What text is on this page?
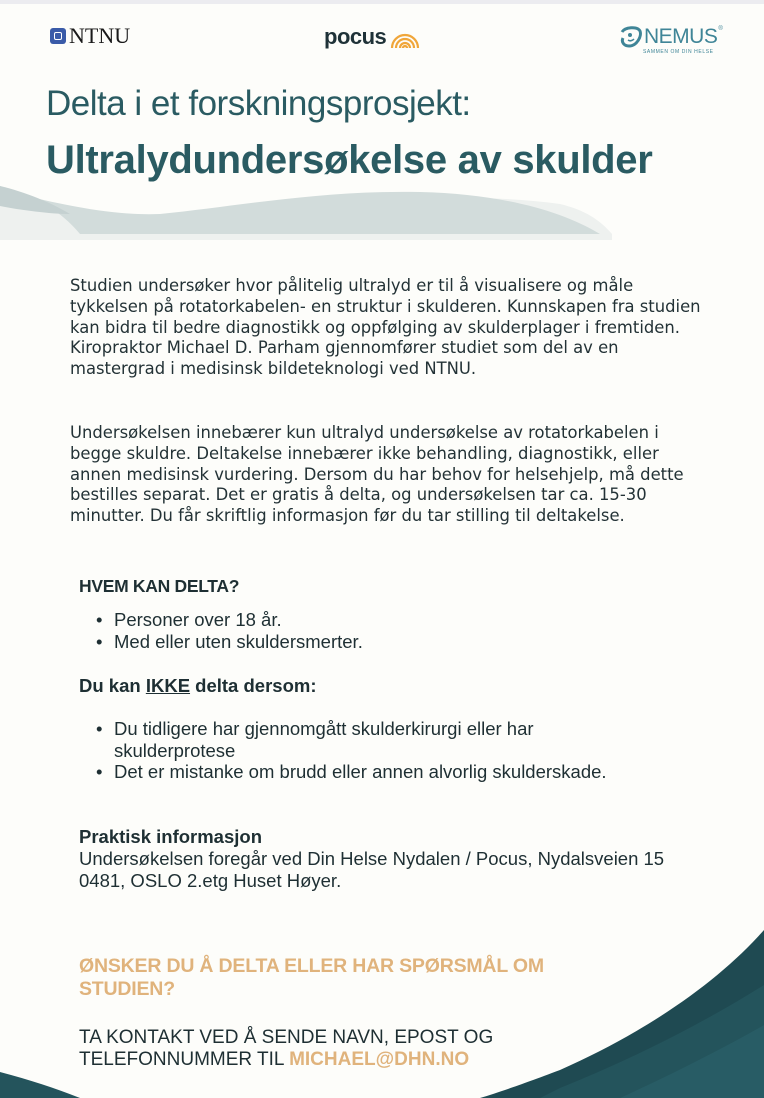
NTNU	pocus	NEMUS ®
SAMMEN OM DIN HELSE
Delta i et forskningsprosjekt:
Ultralydundersøkelse av skulder

Studien undersøker hvor pålitelig ultralyd er til å visualisere og måle tykkelsen på rotatorkabelen- en struktur i skulderen. Kunnskapen fra studien kan bidra til bedre diagnostikk og oppfølging av skulderplager i fremtiden. Kiropraktor Michael D. Parham gjennomfører studiet som del av en mastergrad i medisinsk bildeteknologi ved NTNU.

Undersøkelsen innebærer kun ultralyd undersøkelse av rotatorkabelen i begge skuldre. Deltakelse innebærer ikke behandling, diagnostikk, eller annen medisinsk vurdering. Dersom du har behov for helsehjelp, må dette bestilles separat. Det er gratis å delta, og undersøkelsen tar ca. 15-30 minutter. Du får skriftlig informasjon før du tar stilling til deltakelse.

HVEM KAN DELTA?
• Personer over 18 år.
• Med eller uten skuldersmerter.
Du kan IKKE delta dersom:
• Du tidligere har gjennomgått skulderkirurgi eller har skulderprotese
• Det er mistanke om brudd eller annen alvorlig skulderskade.
Praktisk informasjon

Undersøkelsen foregår ved Din Helse Nydalen / Pocus, Nydalsveien 15 0481, OSLO 2.etg Huset Høyer.

ØNSKER DU Å DELTA ELLER HAR SPØRSMÅL OM STUDIEN?

TA KONTAKT VED Å SENDE NAVN, EPOST OG TELEFONNUMMER TIL MICHAEL@DHN.NO
